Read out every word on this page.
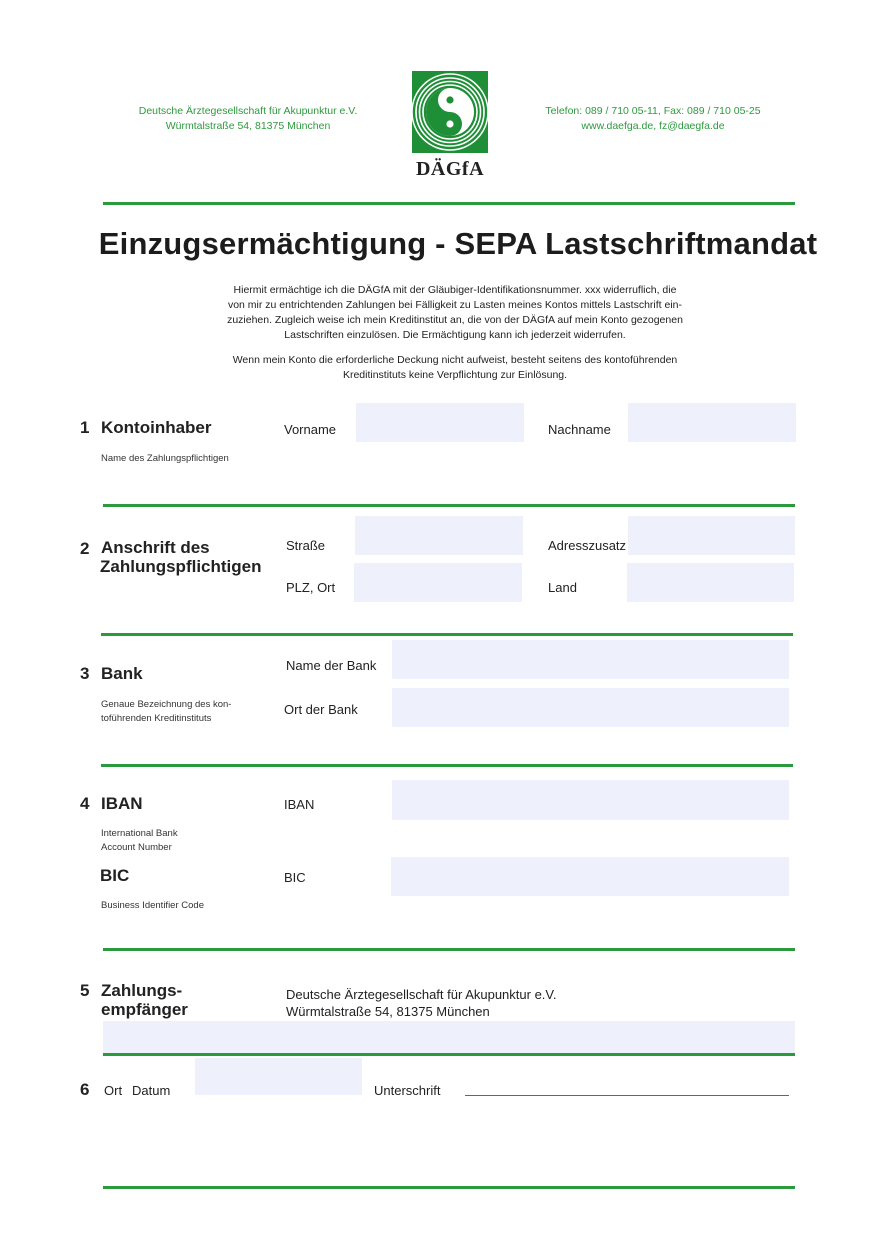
Deutsche Ärztegesellschaft für Akupunktur e.V.
Würmtalstraße 54, 81375 München
DÄGfA
Telefon: 089 / 710 05-11, Fax: 089 / 710 05-25
www.daefga.de, fz@daegfa.de
Einzugsermächtigung - SEPA Lastschriftmandat
Hiermit ermächtige ich die DÄGfA mit der Gläubiger-Identifikationsnummer. xxx widerruflich, die
von mir zu entrichtenden Zahlungen bei Fälligkeit zu Lasten meines Kontos mittels Lastschrift ein-
zuziehen. Zugleich weise ich mein Kreditinstitut an, die von der DÄGfA auf mein Konto gezogenen
Lastschriften einzulösen. Die Ermächtigung kann ich jederzeit widerrufen.
Wenn mein Konto die erforderliche Deckung nicht aufweist, besteht seitens des kontoführenden
Kreditinstituts keine Verpflichtung zur Einlösung.
1 Kontoinhaber
Name des Zahlungspflichtigen
Vorname	Nachname
2 Anschrift des
Zahlungspflichtigen
Straße	Adresszusatz
PLZ, Ort	Land
3 Bank
Genaue Bezeichnung des kon-
toführenden Kreditinstituts
Name der Bank
Ort der Bank
4 IBAN
International Bank
Account Number
BIC
Business Identifier Code
IBAN
BIC
5 Zahlungs-
empfänger
Deutsche Ärztegesellschaft für Akupunktur e.V.
Würmtalstraße 54, 81375 München
6 Ort Datum	Unterschrift
